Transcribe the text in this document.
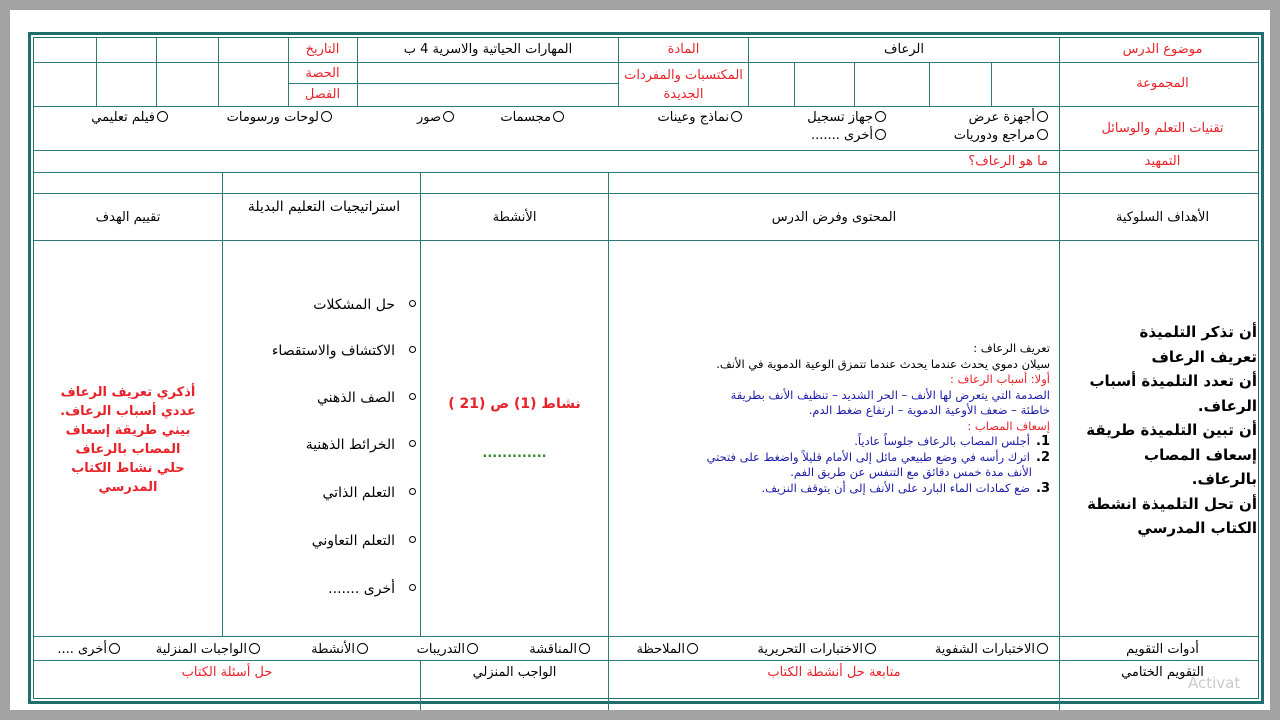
موضوع الدرس
الرعاف
المادة
المهارات الحياتية والاسرية 4 ب
التاريخ
المجموعة
المكتسبات والمفردات الجديدة
الحصة
الفصل
تقنيات التعلم والوسائل
أجهزة عرض
جهاز تسجيل
نماذج وعينات
مجسمات
صور
لوحات ورسومات
فيلم تعليمي
مراجع ودوريات
أخرى .......
التمهيد
ما هو الرعاف؟
الأهداف السلوكية
المحتوى وفرض الدرس
الأنشطة
استراتيجيات التعليم البديلة
تقييم الهدف
أن تذكر التلميذة
تعريف الرعاف
أن تعدد التلميذة أسباب
الرعاف.
أن تبين التلميذة طريقة
إسعاف المصاب
بالرعاف.
أن تحل التلميذة انشطة
الكتاب المدرسي
تعريف الرعاف :
سيلان دموي يحدث عندما يحدث عندما تتمزق الوعية الدموية في الأنف.
أولا: أسباب الرعاف :
الصدمة التي يتعرض لها الأنف – الحر الشديد – تنظيف الأنف بطريقة
خاطئة – ضعف الأوعية الدموية – ارتفاع ضغط الدم.
إسعاف المصاب :
1.أجلس المصاب بالرعاف جلوساً عادياً.
2.اترك رأسه في وضع طبيعي مائل إلى الأمام قليلاً واضغط على فتحتي
الأنف مدة خمس دقائق مع التنفس عن طريق الفم.
3.ضع كمادات الماء البارد على الأنف إلى أن يتوقف النزيف.
نشاط (1) ص (21 )
.............
حل المشكلات
الاكتشاف والاستقصاء
الصف الذهني
الخرائط الذهنية
التعلم الذاتي
التعلم التعاوني
أخرى .......
أذكري تعريف الرعاف
عددي أسباب الرعاف.
بيني طريقة إسعاف
المصاب بالرعاف
حلي نشاط الكتاب
المدرسي
أدوات التقويم
الاختبارات الشفوية
الاختبارات التحريرية
الملاحظة
المناقشة
التدريبات
الأنشطة
الواجبات المنزلية
أخرى ....
التقويم الختامي
متابعة حل أنشطة الكتاب
الواجب المنزلي
حل أسئلة الكتاب
Activat
